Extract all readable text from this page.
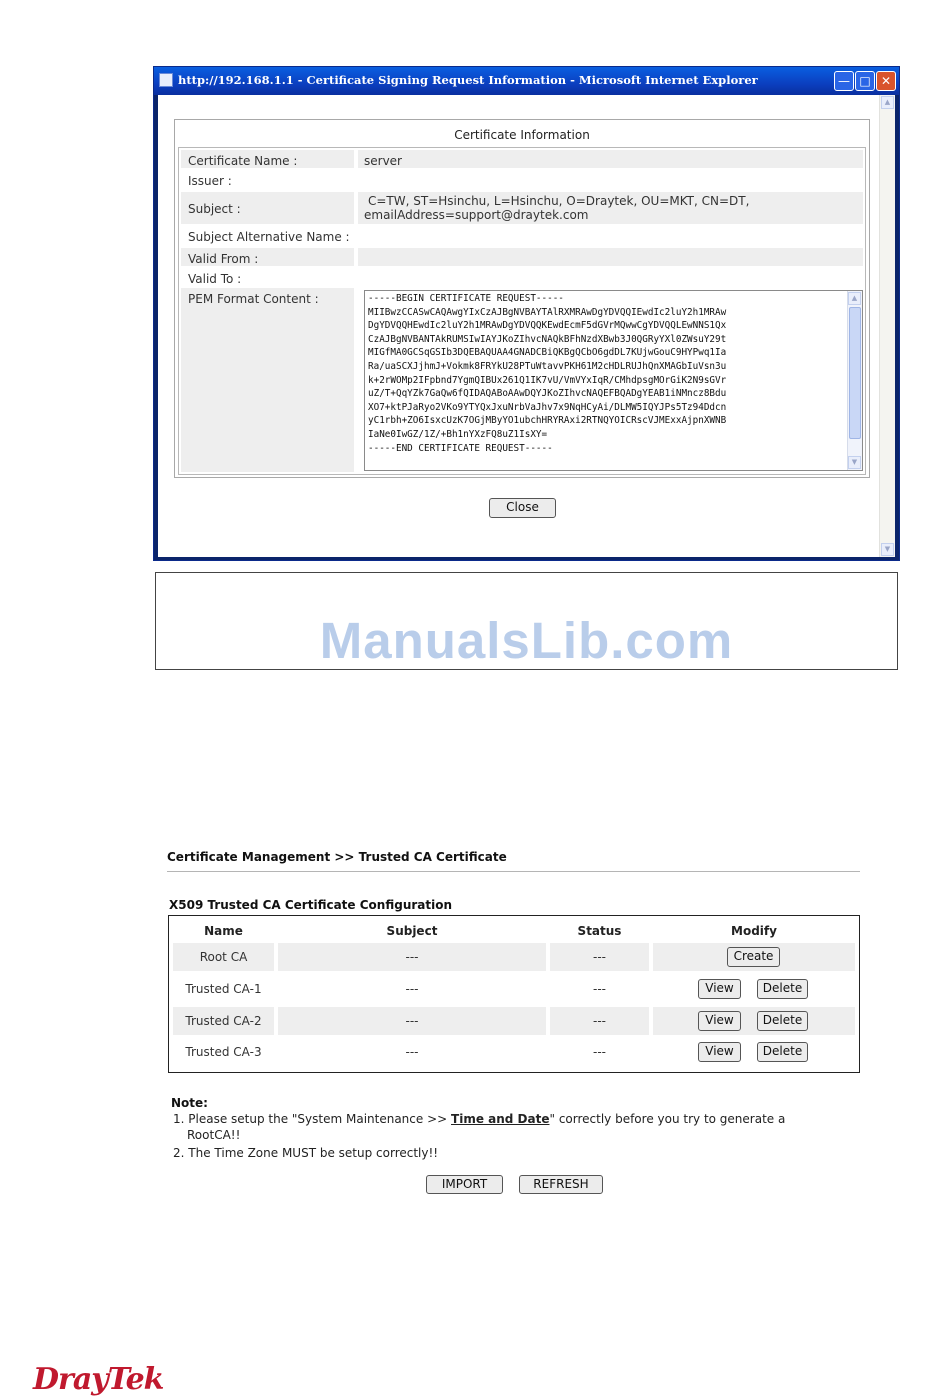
http://192.168.1.1 - Certificate Signing Request Information - Microsoft Internet Explorer	— □ ✕
▲
▼
Certificate Information
Certificate Name :	server
Issuer :
Subject :
C=TW, ST=Hsinchu, L=Hsinchu, O=Draytek, OU=MKT, CN=DT,
emailAddress=support@draytek.com
Subject Alternative Name :
Valid From :
Valid To :
PEM Format Content :	-----BEGIN CERTIFICATE REQUEST-----
MIIBwzCCASwCAQAwgYIxCzAJBgNVBAYTAlRXMRAwDgYDVQQIEwdIc2luY2h1MRAw
DgYDVQQHEwdIc2luY2h1MRAwDgYDVQQKEwdEcmF5dGVrMQwwCgYDVQQLEwNNS1Qx
CzAJBgNVBANTAkRUMSIwIAYJKoZIhvcNAQkBFhNzdXBwb3J0QGRyYXl0ZWsuY29t
MIGfMA0GCSqGSIb3DQEBAQUAA4GNADCBiQKBgQCbO6gdDL7KUjwGouC9HYPwq1Ia
Ra/uaSCXJjhmJ+Vokmk8FRYkU28PTuWtavvPKH61M2cHDLRUJhQnXMAGbIuVsn3u
k+2rWOMp2IFpbnd7YgmQIBUx261Q1IK7vU/VmVYxIqR/CMhdpsgMOrGiK2N9sGVr
uZ/T+QqYZk7GaQw6fQIDAQABoAAwDQYJKoZIhvcNAQEFBQADgYEAB1iNMncz8Bdu
XO7+ktPJaRyo2VKo9YTYQxJxuNrbVaJhv7x9NqHCyAi/DLMW5IQYJPs5Tz94Ddcn
yC1rbh+ZO6IsxcUzK7OGjMByYO1ubchHRYRAxi2RTNQYOICRscVJMExxAjpnXWNB
IaNe0IwGZ/1Z/+Bh1nYXzFQ8uZ1IsXY=
-----END CERTIFICATE REQUEST-----
▲
▼
Close
ManualsLib.com
Certificate Management >> Trusted CA Certificate
X509 Trusted CA Certificate Configuration
Name	Subject	Status	Modify
Root CA	---	---	Create
Trusted CA-1	---	---	View	Delete
Trusted CA-2	---	---	View	Delete
Trusted CA-3	---	---	View	Delete
Note:
1. Please setup the "System Maintenance >> Time and Date" correctly before you try to generate a
RootCA!!
2. The Time Zone MUST be setup correctly!!
IMPORT	REFRESH
DrayTek
